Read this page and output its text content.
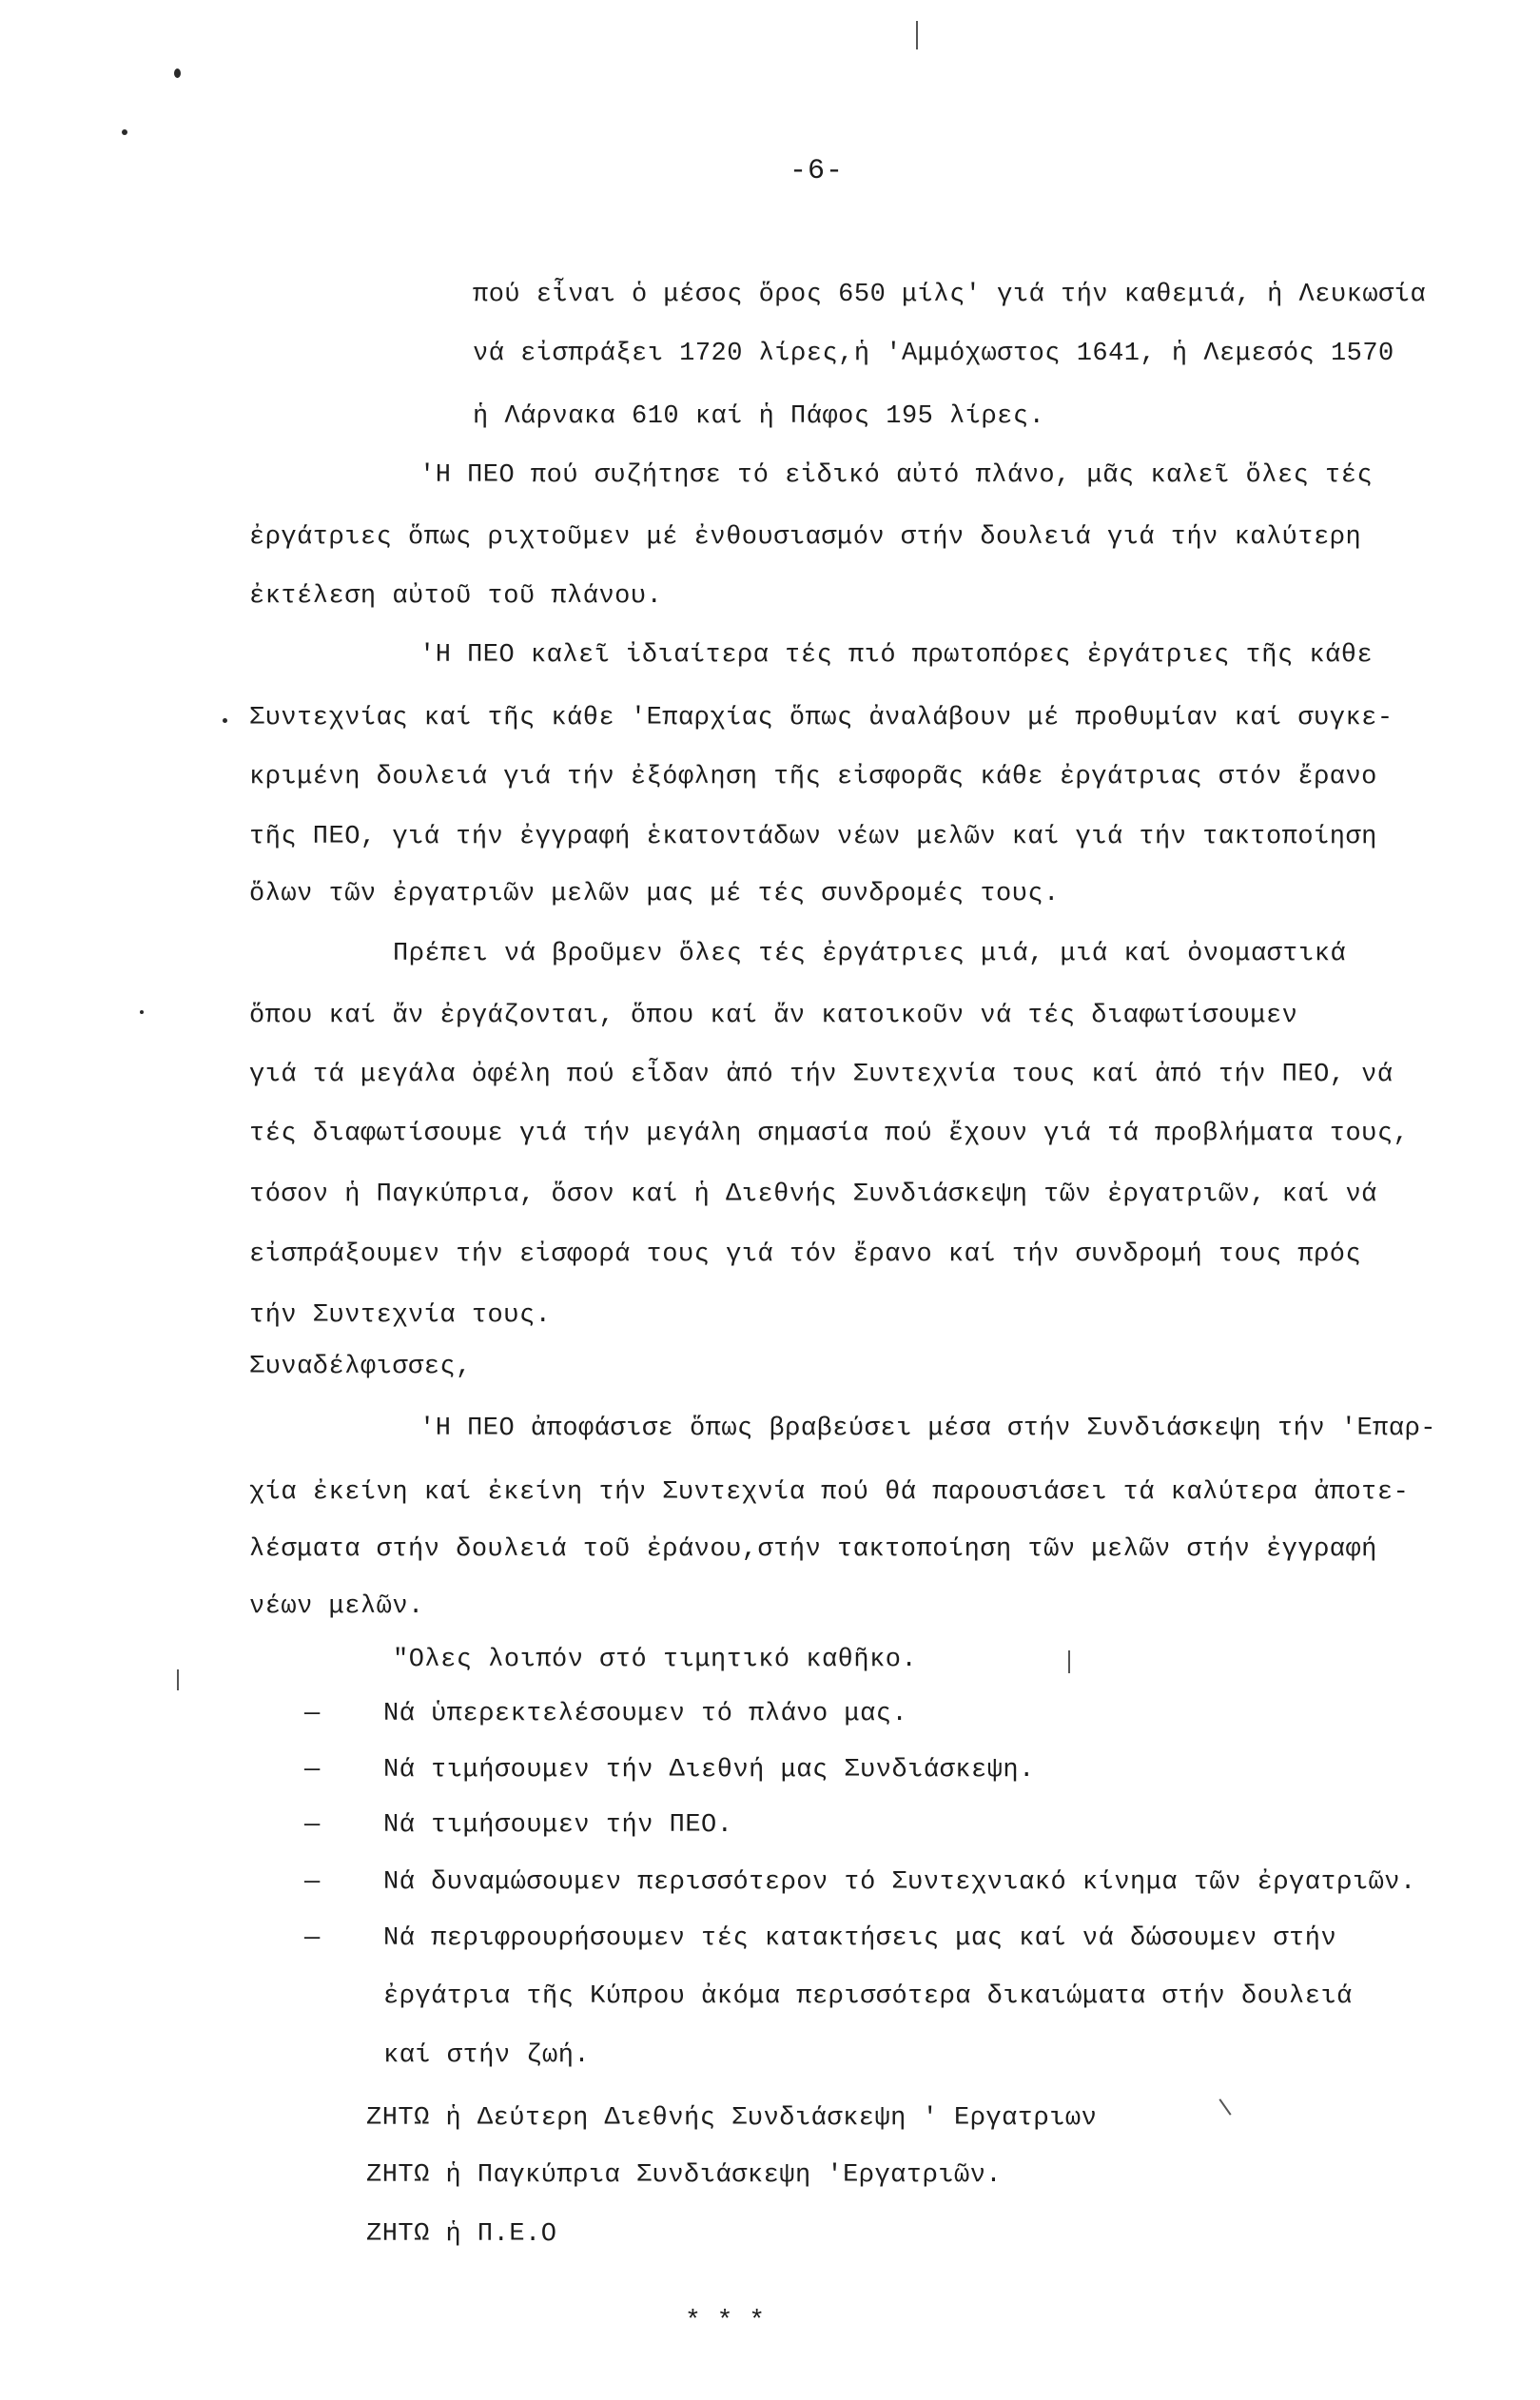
-6-
πού εἶναι ὁ μέσος ὅρος 650 μίλς' γιά τήν καθεμιά, ἡ Λευκωσία
νά εἰσπράξει 1720 λίρες,ἡ 'Αμμόχωστος 1641, ἡ Λεμεσός 1570
ἡ Λάρνακα 610 καί ἡ Πάφος 195 λίρες.
'Η ΠΕΟ πού συζήτησε τό εἰδικό αὐτό πλάνο, μᾶς καλεῖ ὅλες τές
ἐργάτριες ὅπως ριχτοῦμεν μέ ἐνθουσιασμόν στήν δουλειά γιά τήν καλύτερη
ἐκτέλεση αὐτοῦ τοῦ πλάνου.
'Η ΠΕΟ καλεῖ ἰδιαίτερα τές πιό πρωτοπόρες ἐργάτριες τῆς κάθε
Συντεχνίας καί τῆς κάθε 'Επαρχίας ὅπως ἀναλάβουν μέ προθυμίαν καί συγκε-
κριμένη δουλειά γιά τήν ἐξόφληση τῆς εἰσφορᾶς κάθε ἐργάτριας στόν ἔρανο
τῆς ΠΕΟ, γιά τήν ἐγγραφή ἑκατοντάδων νέων μελῶν καί γιά τήν τακτοποίηση
ὅλων τῶν ἐργατριῶν μελῶν μας μέ τές συνδρομές τους.
Πρέπει νά βροῦμεν ὅλες τές ἐργάτριες μιά, μιά καί ὀνομαστικά
ὅπου καί ἄν ἐργάζονται, ὅπου καί ἄν κατοικοῦν νά τές διαφωτίσουμεν
γιά τά μεγάλα ὀφέλη πού εἶδαν ἀπό τήν Συντεχνία τους καί ἀπό τήν ΠΕΟ, νά
τές διαφωτίσουμε γιά τήν μεγάλη σημασία πού ἔχουν γιά τά προβλήματα τους,
τόσον ἡ Παγκύπρια, ὅσον καί ἡ Διεθνής Συνδιάσκεψη τῶν ἐργατριῶν, καί νά
εἰσπράξουμεν τήν εἰσφορά τους γιά τόν ἔρανο καί τήν συνδρομή τους πρός
τήν Συντεχνία τους.
Συναδέλφισσες,
'Η ΠΕΟ ἀποφάσισε ὅπως βραβεύσει μέσα στήν Συνδιάσκεψη τήν 'Επαρ-
χία ἐκείνη καί ἐκείνη τήν Συντεχνία πού θά παρουσιάσει τά καλύτερα ἀποτε-
λέσματα στήν δουλειά τοῦ ἐράνου,στήν τακτοποίηση τῶν μελῶν στήν ἐγγραφή
νέων μελῶν.
"Ολες λοιπόν στό τιμητικό καθῆκο.
— Νά ὑπερεκτελέσουμεν τό πλάνο μας.
— Νά τιμήσουμεν τήν Διεθνή μας Συνδιάσκεψη.
— Νά τιμήσουμεν τήν ΠΕΟ.
— Νά δυναμώσουμεν περισσότερον τό Συντεχνιακό κίνημα τῶν ἐργατριῶν.
— Νά περιφρουρήσουμεν τές κατακτήσεις μας καί νά δώσουμεν στήν
ἐργάτρια τῆς Κύπρου ἀκόμα περισσότερα δικαιώματα στήν δουλειά
καί στήν ζωή.
ΖΗΤΩ ἡ Δεύτερη Διεθνής Συνδιάσκεψη ' Εργατριων
ΖΗΤΩ ἡ Παγκύπρια Συνδιάσκεψη 'Εργατριῶν.
ΖΗΤΩ ἡ Π.Ε.Ο
* * *
